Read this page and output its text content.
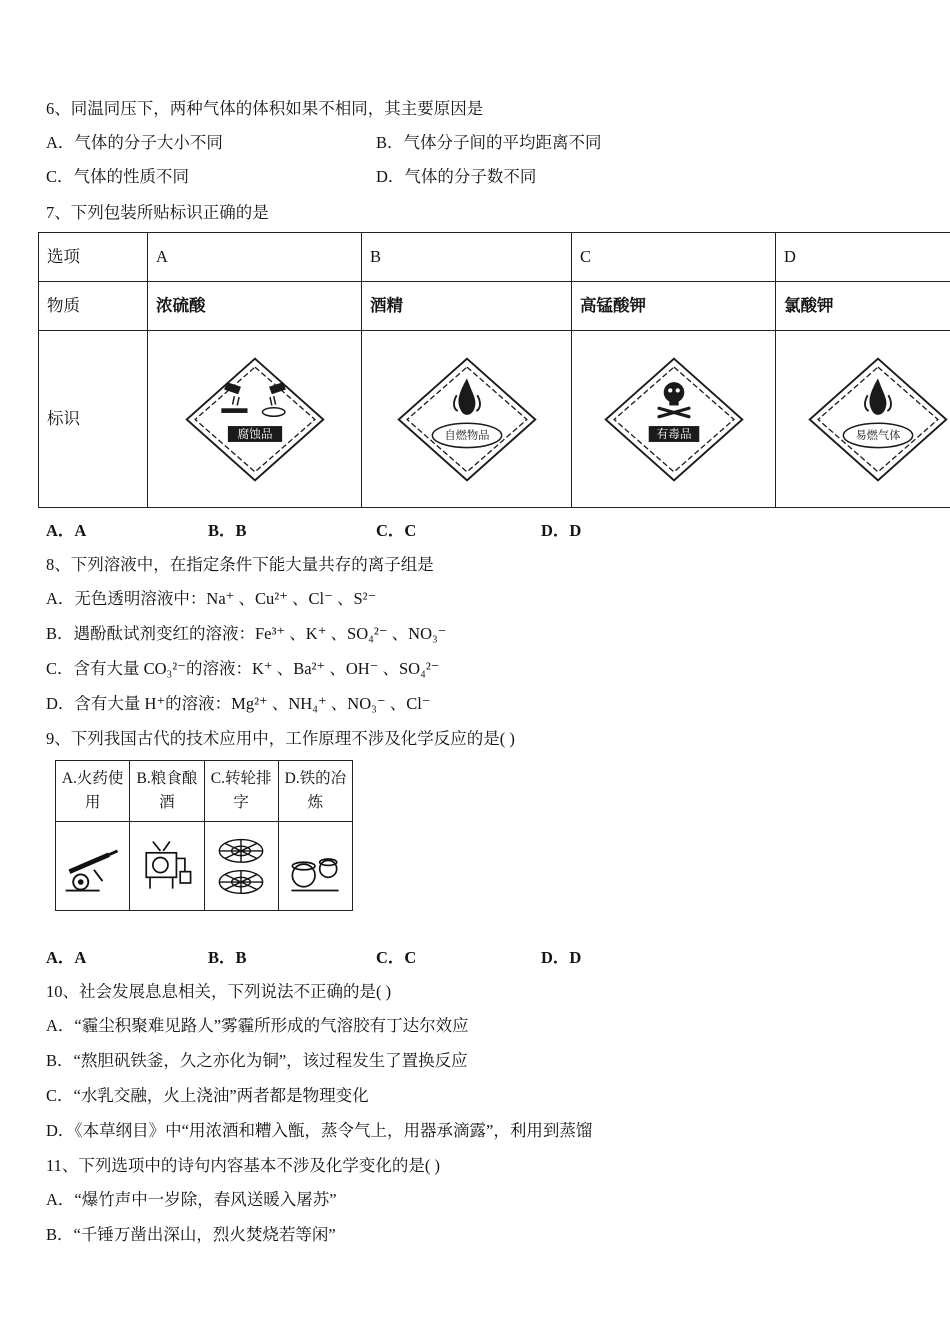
6、同温同压下，两种气体的体积如果不相同，其主要原因是
A．气体的分子大小不同	B．气体分子间的平均距离不同
C．气体的性质不同	D．气体的分子数不同
7、下列包装所贴标识正确的是
选项	A	B	C	D
物质	浓硫酸	酒精	高锰酸钾	氯酸钾
标识	腐蚀品	自燃物品	有毒品	易燃气体
A．A	B．B	C．C	D．D
8、下列溶液中，在指定条件下能大量共存的离子组是
A．无色透明溶液中：Na⁺ 、Cu²⁺ 、Cl⁻ 、S²⁻
B．遇酚酞试剂变红的溶液：Fe³⁺ 、K⁺ 、SO₄²⁻ 、NO₃⁻
C．含有大量 CO₃²⁻的溶液：K⁺ 、Ba²⁺ 、OH⁻ 、SO₄²⁻
D．含有大量 H⁺的溶液：Mg²⁺ 、NH₄⁺ 、NO₃⁻ 、Cl⁻
9、下列我国古代的技术应用中，工作原理不涉及化学反应的是( )
A.火药使用	B.粮食酿酒	C.转轮排字	D.铁的冶炼

A．A	B．B	C．C	D．D
10、社会发展息息相关，下列说法不正确的是( )
A．“霾尘积聚难见路人”雾霾所形成的气溶胶有丁达尔效应
B．“熬胆矾铁釜，久之亦化为铜”，该过程发生了置换反应
C．“水乳交融，火上浇油”两者都是物理变化
D．《本草纲目》中“用浓酒和糟入甑，蒸令气上，用器承滴露”，利用到蒸馏
11、下列选项中的诗句内容基本不涉及化学变化的是( )
A．“爆竹声中一岁除，春风送暖入屠苏”
B．“千锤万凿出深山，烈火焚烧若等闲”
